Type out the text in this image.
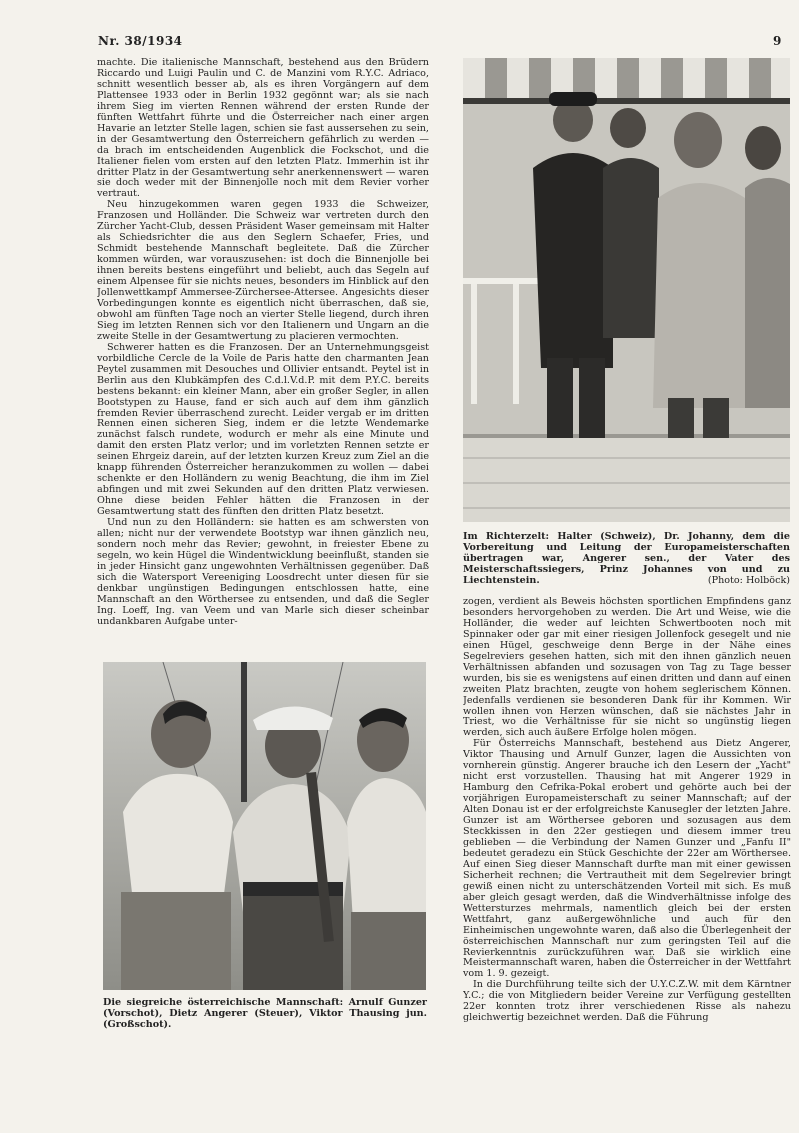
Nr. 38/1934	9

machte. Die italienische Mannschaft, bestehend aus den Brüdern Riccardo und Luigi Paulin und C. de Manzini vom R.Y.C. Adriaco, schnitt wesentlich besser ab, als es ihren Vorgängern auf dem Plattensee 1933 oder in Berlin 1932 gegönnt war; als sie nach ihrem Sieg im vierten Rennen während der ersten Runde der fünften Wettfahrt führte und die Österreicher nach einer argen Havarie an letzter Stelle lagen, schien sie fast aussersehen zu sein, in der Gesamtwertung den Österreichern gefährlich zu werden — da brach im entscheidenden Augenblick die Fockschot, und die Italiener fielen vom ersten auf den letzten Platz. Immerhin ist ihr dritter Platz in der Gesamtwertung sehr anerkennenswert — waren sie doch weder mit der Binnenjolle noch mit dem Revier vorher vertraut.

Neu hinzugekommen waren gegen 1933 die Schweizer, Franzosen und Holländer. Die Schweiz war vertreten durch den Zürcher Yacht-Club, dessen Präsident Waser gemeinsam mit Halter als Schiedsrichter die aus den Seglern Schaefer, Fries, und Schmidt bestehende Mannschaft begleitete. Daß die Zürcher kommen würden, war vorauszusehen: ist doch die Binnenjolle bei ihnen bereits bestens eingeführt und beliebt, auch das Segeln auf einem Alpensee für sie nichts neues, besonders im Hinblick auf den Jollenwettkampf Ammersee-Zürchersee-Attersee. Angesichts dieser Vorbedingungen konnte es eigentlich nicht überraschen, daß sie, obwohl am fünften Tage noch an vierter Stelle liegend, durch ihren Sieg im letzten Rennen sich vor den Italienern und Ungarn an die zweite Stelle in der Gesamtwertung zu placieren vermochten.

Schwerer hatten es die Franzosen. Der an Unternehmungsgeist vorbildliche Cercle de la Voile de Paris hatte den charmanten Jean Peytel zusammen mit Desouches und Ollivier entsandt. Peytel ist in Berlin aus den Klubkämpfen des C.d.l.V.d.P. mit dem P.Y.C. bereits bestens bekannt: ein kleiner Mann, aber ein großer Segler, in allen Bootstypen zu Hause, fand er sich auch auf dem ihm gänzlich fremden Revier überraschend zurecht. Leider vergab er im dritten Rennen einen sicheren Sieg, indem er die letzte Wendemarke zunächst falsch rundete, wodurch er mehr als eine Minute und damit den ersten Platz verlor; und im vorletzten Rennen setzte er seinen Ehrgeiz darein, auf der letzten kurzen Kreuz zum Ziel an die knapp führenden Österreicher heranzukommen zu wollen — dabei schenkte er den Holländern zu wenig Beachtung, die ihm im Ziel abfingen und mit zwei Sekunden auf den dritten Platz verwiesen. Ohne diese beiden Fehler hätten die Franzosen in der Gesamtwertung statt des fünften den dritten Platz besetzt.

Und nun zu den Holländern: sie hatten es am schwersten von allen; nicht nur der verwendete Bootstyp war ihnen gänzlich neu, sondern noch mehr das Revier; gewohnt, in freiester Ebene zu segeln, wo kein Hügel die Windentwicklung beeinflußt, standen sie in jeder Hinsicht ganz ungewohnten Verhältnissen gegenüber. Daß sich die Watersport Vereeniging Loosdrecht unter diesen für sie denkbar ungünstigen Bedingungen entschlossen hatte, eine Mannschaft an den Wörthersee zu entsenden, und daß die Segler Ing. Loeff, Ing. van Veem und van Marle sich dieser scheinbar undankbaren Aufgabe unter-

Die siegreiche österreichische Mannschaft: Arnulf Gunzer (Vorschot), Dietz Angerer (Steuer), Viktor Thausing jun. (Großschot).
Im Richterzelt: Halter (Schweiz), Dr. Johanny, dem die Vorbereitung und Leitung der Europameisterschaften übertragen war, Angerer sen., der Vater des Meisterschaftssiegers, Prinz Johannes von und zu Liechtenstein.	(Photo: Holböck)

zogen, verdient als Beweis höchsten sportlichen Empfindens ganz besonders hervorgehoben zu werden. Die Art und Weise, wie die Holländer, die weder auf leichten Schwertbooten noch mit Spinnaker oder gar mit einer riesigen Jollenfock gesegelt und nie einen Hügel, geschweige denn Berge in der Nähe eines Segelreviers gesehen hatten, sich mit den ihnen gänzlich neuen Verhältnissen abfanden und sozusagen von Tag zu Tage besser wurden, bis sie es wenigstens auf einen dritten und dann auf einen zweiten Platz brachten, zeugte von hohem seglerischem Können. Jedenfalls verdienen sie besonderen Dank für ihr Kommen. Wir wollen ihnen von Herzen wünschen, daß sie nächstes Jahr in Triest, wo die Verhältnisse für sie nicht so ungünstig liegen werden, sich auch äußere Erfolge holen mögen.

Für Österreichs Mannschaft, bestehend aus Dietz Angerer, Viktor Thausing und Arnulf Gunzer, lagen die Aussichten von vornherein günstig. Angerer brauche ich den Lesern der „Yacht" nicht erst vorzustellen. Thausing hat mit Angerer 1929 in Hamburg den Cefrika-Pokal erobert und gehörte auch bei der vorjährigen Europameisterschaft zu seiner Mannschaft; auf der Alten Donau ist er der erfolgreichste Kanusegler der letzten Jahre. Gunzer ist am Wörthersee geboren und sozusagen aus dem Steckkissen in den 22er gestiegen und diesem immer treu geblieben — die Verbindung der Namen Gunzer und „Fanfu II" bedeutet geradezu ein Stück Geschichte der 22er am Wörthersee. Auf einen Sieg dieser Mannschaft durfte man mit einer gewissen Sicherheit rechnen; die Vertrautheit mit dem Segelrevier bringt gewiß einen nicht zu unterschätzenden Vorteil mit sich. Es muß aber gleich gesagt werden, daß die Windverhältnisse infolge des Wettersturzes mehrmals, namentlich gleich bei der ersten Wettfahrt, ganz außergewöhnliche und auch für den Einheimischen ungewohnte waren, daß also die Überlegenheit der österreichischen Mannschaft nur zum geringsten Teil auf die Revierkenntnis zurückzuführen war. Daß sie wirklich eine Meistermannschaft waren, haben die Österreicher in der Wettfahrt vom 1. 9. gezeigt.

In die Durchführung teilte sich der U.Y.C.Z.W. mit dem Kärntner Y.C.; die von Mitgliedern beider Vereine zur Verfügung gestellten 22er konnten trotz ihrer verschiedenen Risse als nahezu gleichwertig bezeichnet werden. Daß die Führung
